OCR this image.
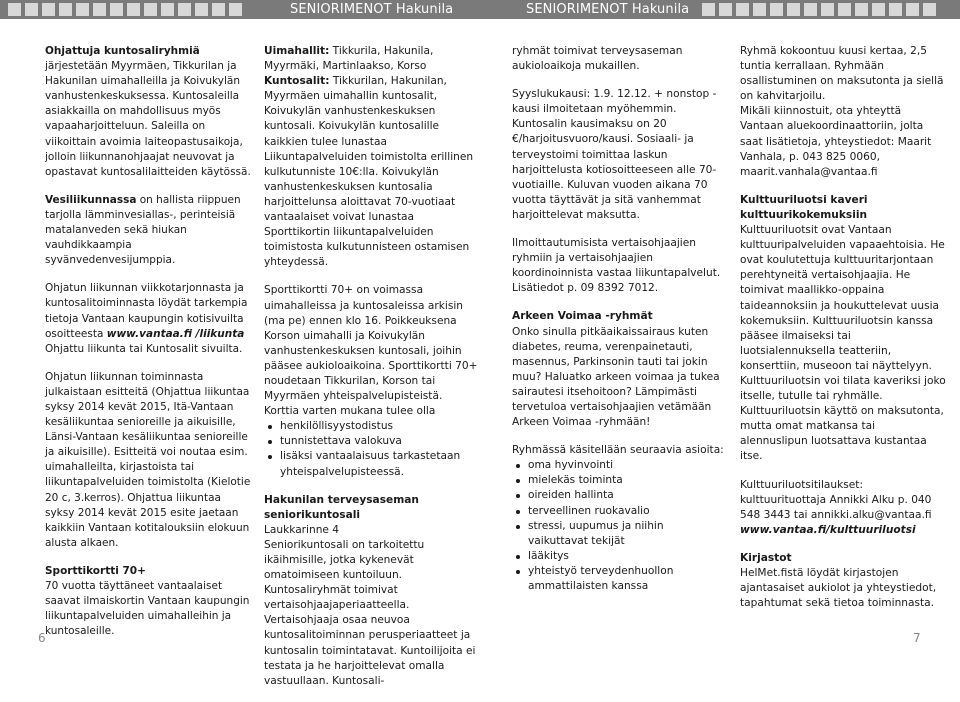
SENIORIMENOT Hakunila	SENIORIMENOT Hakunila

Ohjattuja kuntosaliryhmiä järjestetään Myyrmäen, Tikkurilan ja Hakunilan uimahalleilla ja Koivukylän vanhustenkeskuksessa. Kuntosaleilla asiakkailla on mahdollisuus myös vapaaharjoitteluun. Saleilla on viikoittain avoimia laiteopastusaikoja, jolloin liikunnanohjaajat neuvovat ja opastavat kuntosalilaitteiden käytössä.

Vesiliikunnassa on hallista riippuen tarjolla lämminvesiallas-, perinteisiä matalanveden sekä hiukan vauhdikkaampia syvänvedenvesijumppia.

Ohjatun liikunnan viikkotarjonnasta ja kuntosalitoiminnasta löydät tarkempia tietoja Vantaan kaupungin kotisivuilta osoitteesta www.vantaa.fi /liikunta Ohjattu liikunta tai Kuntosalit sivuilta.

Ohjatun liikunnan toiminnasta julkaistaan esitteitä (Ohjattua liikuntaa syksy 2014 kevät 2015, Itä-Vantaan kesäliikuntaa senioreille ja aikuisille, Länsi-Vantaan kesäliikuntaa senioreille ja aikuisille). Esitteitä voi noutaa esim. uimahalleilta, kirjastoista tai liikuntapalveluiden toimistolta (Kielotie 20 c, 3.kerros). Ohjattua liikuntaa syksy 2014 kevät 2015 esite jaetaan kaikkiin Vantaan kotitalouksiin elokuun alusta alkaen.

Sporttikortti 70+
70 vuotta täyttäneet vantaalaiset saavat ilmaiskortin Vantaan kaupungin liikuntapalveluiden uimahalleihin ja kuntosaleille.

Uimahallit: Tikkurila, Hakunila, Myyrmäki, Martinlaakso, Korso
Kuntosalit: Tikkurilan, Hakunilan, Myyrmäen uimahallin kuntosalit, Koivukylän vanhustenkeskuksen kuntosali. Koivukylän kuntosalille kaikkien tulee lunastaa Liikuntapalveluiden toimistolta erillinen kulkutunniste 10€:lla. Koivukylän vanhustenkeskuksen kuntosalia harjoittelunsa aloittavat 70-vuotiaat vantaalaiset voivat lunastaa Sporttikortin liikuntapalveluiden toimistosta kulkutunnisteen ostamisen yhteydessä.

Sporttikortti 70+ on voimassa uimahalleissa ja kuntosaleissa arkisin (ma pe) ennen klo 16. Poikkeuksena Korson uimahalli ja Koivukylän vanhustenkeskuksen kuntosali, joihin pääsee aukioloaikoina. Sporttikortti 70+ noudetaan Tikkurilan, Korson tai Myyrmäen yhteispalvelupisteistä. Korttia varten mukana tulee olla

henkilöllisyystodistus
tunnistettava valokuva
lisäksi vantaalaisuus tarkastetaan yhteispalvelupisteessä.

Hakunilan terveysaseman seniorikuntosali
Laukkarinne 4
Seniorikuntosali on tarkoitettu ikäihmisille, jotka kykenevät omatoimiseen kuntoiluun. Kuntosaliryhmät toimivat vertaisohjaajaperiaatteella. Vertaisohjaaja osaa neuvoa kuntosalitoiminnan perusperiaatteet ja kuntosalin toimintatavat. Kuntoilijoita ei testata ja he harjoittelevat omalla vastuullaan. Kuntosali-

ryhmät toimivat terveysaseman aukioloaikoja mukaillen.

Syyslukukausi: 1.9. 12.12. + nonstop -kausi ilmoitetaan myöhemmin. Kuntosalin kausimaksu on 20 €/harjoitusvuoro/kausi. Sosiaali- ja terveystoimi toimittaa laskun harjoittelusta kotiosoitteeseen alle 70-vuotiaille. Kuluvan vuoden aikana 70 vuotta täyttävät ja sitä vanhemmat harjoittelevat maksutta.

Ilmoittautumisista vertaisohjaajien ryhmiin ja vertaisohjaajien koordinoinnista vastaa liikuntapalvelut. Lisätiedot p. 09 8392 7012.

Arkeen Voimaa -ryhmät
Onko sinulla pitkäaikaissairaus kuten diabetes, reuma, verenpainetauti, masennus, Parkinsonin tauti tai jokin muu? Haluatko arkeen voimaa ja tukea sairautesi itsehoitoon? Lämpimästi tervetuloa vertaisohjaajien vetämään Arkeen Voimaa -ryhmään!

Ryhmässä käsitellään seuraavia asioita:

oma hyvinvointi
mielekäs toiminta
oireiden hallinta
terveellinen ruokavalio
stressi, uupumus ja niihin vaikuttavat tekijät
lääkitys
yhteistyö terveydenhuollon ammattilaisten kanssa

Ryhmä kokoontuu kuusi kertaa, 2,5 tuntia kerrallaan. Ryhmään osallistuminen on maksutonta ja siellä on kahvitarjoilu.

Mikäli kiinnostuit, ota yhteyttä Vantaan aluekoordinaattoriin, jolta saat lisätietoja, yhteystiedot: Maarit Vanhala, p. 043 825 0060, maarit.vanhala@vantaa.fi

Kulttuuriluotsi kaveri kulttuurikokemuksiin
Kulttuuriluotsit ovat Vantaan kulttuuripalveluiden vapaaehtoisia. He ovat koulutettuja kulttuuritarjontaan perehtyneitä vertaisohjaajia. He toimivat maallikko-oppaina taideannoksiin ja houkuttelevat uusia kokemuksiin. Kulttuuriluotsin kanssa pääsee ilmaiseksi tai luotsialennuksella teatteriin, konserttiin, museoon tai näyttelyyn. Kulttuuriluotsin voi tilata kaveriksi joko itselle, tutulle tai ryhmälle. Kulttuuriluotsin käyttö on maksutonta, mutta omat matkansa tai alennuslipun luotsattava kustantaa itse.

Kulttuuriluotsitilaukset: kulttuurituottaja Annikki Alku p. 040 548 3443 tai annikki.alku@vantaa.fi
www.vantaa.fi/kulttuuriluotsi

Kirjastot
HelMet.fistä löydät kirjastojen ajantasaiset aukiolot ja yhteystiedot, tapahtumat sekä tietoa toiminnasta.

6	7
